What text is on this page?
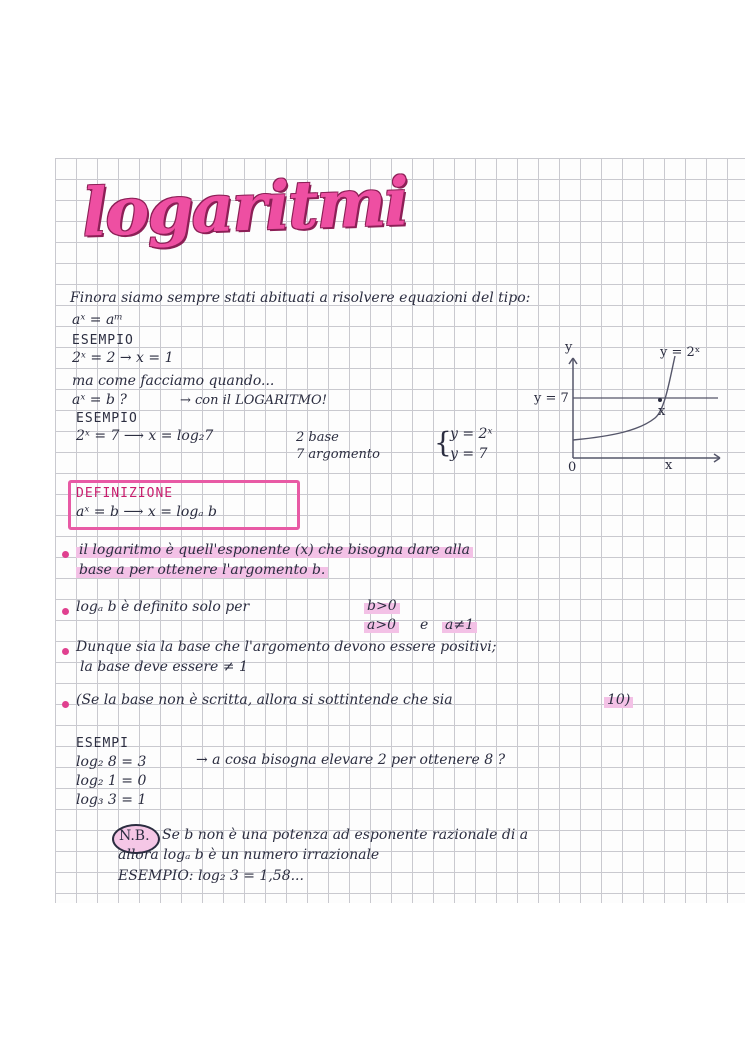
logaritmi
Finora siamo sempre stati abituati a risolvere equazioni del tipo:
aˣ = aᵐ
ESEMPIO
2ˣ = 2 → x = 1
ma come facciamo quando...
aˣ = b ?	→ con il LOGARITMO!
ESEMPIO
2ˣ = 7 ⟶ x = log₂7	2 base
7 argomento {
y = 2ˣ
y = 7
y
x
0
y = 2ˣ
y = 7
x
DEFINIZIONE
aˣ = b ⟶ x = logₐ b
il logaritmo è quell'esponente (x) che bisogna dare alla
base a per ottenere l'argomento b.
logₐ b è definito solo per	b>0
a>0 e a≠1
Dunque sia la base che l'argomento devono essere positivi;
la base deve essere ≠ 1
(Se la base non è scritta, allora si sottintende che sia	10)
ESEMPI
log₂ 8 = 3	→ a cosa bisogna elevare 2 per ottenere 8 ?
log₂ 1 = 0
log₃ 3 = 1
N.B. Se b non è una potenza ad esponente razionale di a
allora logₐ b è un numero irrazionale
ESEMPIO: log₂ 3 = 1,58...
